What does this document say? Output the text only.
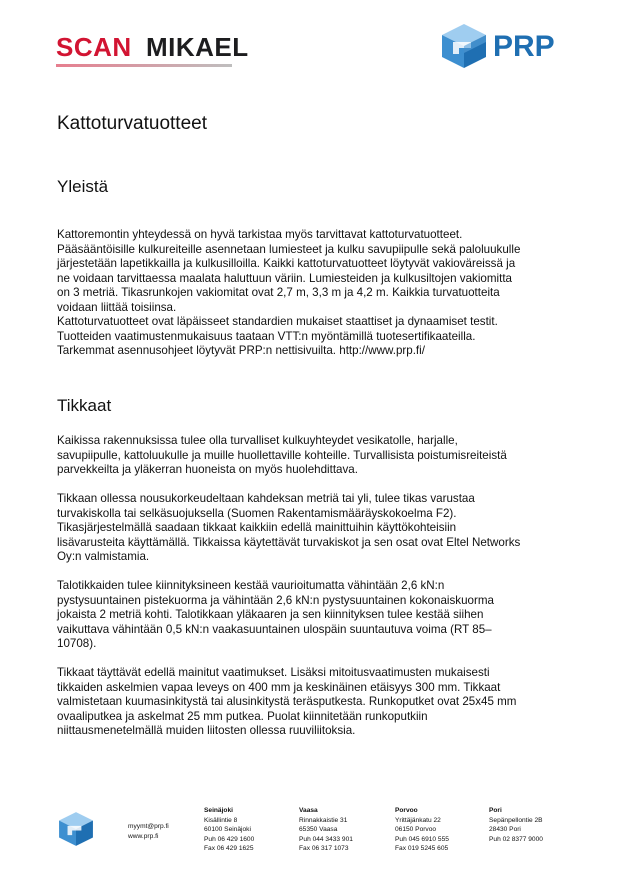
SCAN MIKAEL	PRP
Kattoturvatuotteet
Yleistä
Kattoremontin yhteydessä on hyvä tarkistaa myös tarvittavat kattoturvatuotteet.
Pääsääntöisille kulkureiteille asennetaan lumiesteet ja kulku savupiipulle sekä paloluukulle
järjestetään lapetikkailla ja kulkusilloilla. Kaikki kattoturvatuotteet löytyvät vakioväreissä ja
ne voidaan tarvittaessa maalata haluttuun väriin. Lumiesteiden ja kulkusiltojen vakiomitta
on 3 metriä. Tikasrunkojen vakiomitat ovat 2,7 m, 3,3 m ja 4,2 m. Kaikkia turvatuotteita
voidaan liittää toisiinsa.
Kattoturvatuotteet ovat läpäisseet standardien mukaiset staattiset ja dynaamiset testit.
Tuotteiden vaatimustenmukaisuus taataan VTT:n myöntämillä tuotesertifikaateilla.
Tarkemmat asennusohjeet löytyvät PRP:n nettisivuilta. http://www.prp.fi/
Tikkaat
Kaikissa rakennuksissa tulee olla turvalliset kulkuyhteydet vesikatolle, harjalle,
savupiipulle, kattoluukulle ja muille huollettaville kohteille. Turvallisista poistumisreiteistä
parvekkeilta ja yläkerran huoneista on myös huolehdittava.
Tikkaan ollessa nousukorkeudeltaan kahdeksan metriä tai yli, tulee tikas varustaa
turvakiskolla tai selkäsuojuksella (Suomen Rakentamismääräyskokoelma F2).
Tikasjärjestelmällä saadaan tikkaat kaikkiin edellä mainittuihin käyttökohteisiin
lisävarusteita käyttämällä. Tikkaissa käytettävät turvakiskot ja sen osat ovat Eltel Networks
Oy:n valmistamia.
Talotikkaiden tulee kiinnityksineen kestää vaurioitumatta vähintään 2,6 kN:n
pystysuuntainen pistekuorma ja vähintään 2,6 kN:n pystysuuntainen kokonaiskuorma
jokaista 2 metriä kohti. Talotikkaan yläkaaren ja sen kiinnityksen tulee kestää siihen
vaikuttava vähintään 0,5 kN:n vaakasuuntainen ulospäin suuntautuva voima (RT 85–
10708).
Tikkaat täyttävät edellä mainitut vaatimukset. Lisäksi mitoitusvaatimusten mukaisesti
tikkaiden askelmien vapaa leveys on 400 mm ja keskinäinen etäisyys 300 mm. Tikkaat
valmistetaan kuumasinkitystä tai alusinkitystä teräsputkesta. Runkoputket ovat 25x45 mm
ovaaliputkea ja askelmat 25 mm putkea. Puolat kiinnitetään runkoputkiin
niittausmenetelmällä muiden liitosten ollessa ruuviliitoksia.
myymt@prp.fi
www.prp.fi
Seinäjoki
Kisällintie 8
60100 Seinäjoki
Puh 06 429 1600
Fax 06 429 1625
Vaasa
Rinnakkaistie 31
65350 Vaasa
Puh 044 3433 901
Fax 06 317 1073
Porvoo
Yrittäjänkatu 22
06150 Porvoo
Puh 045 6910 555
Fax 019 5245 605
Pori
Sepänpellontie 2B
28430 Pori
Puh 02 8377 9000
